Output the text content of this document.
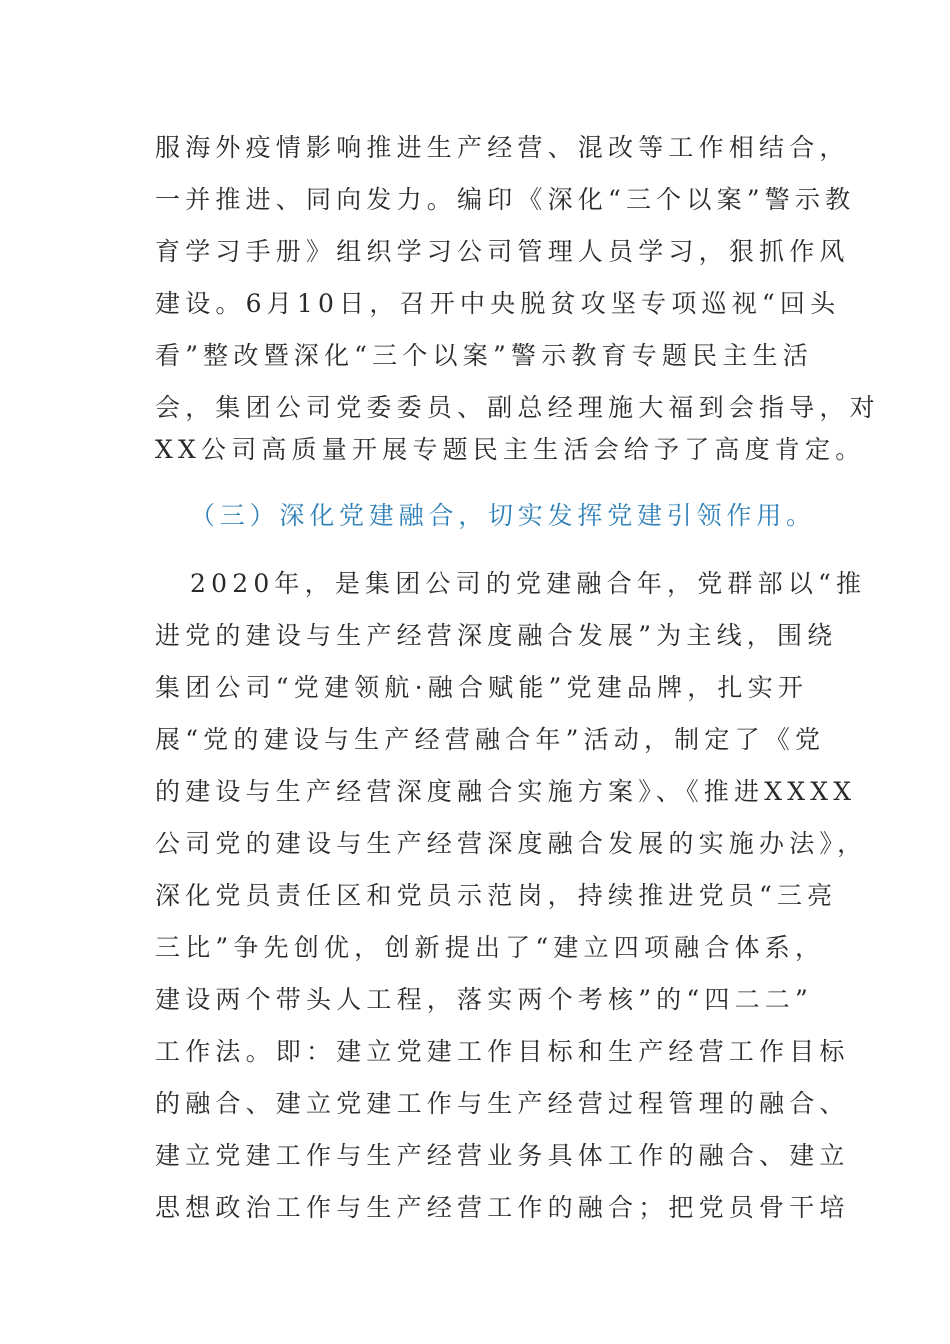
服海外疫情影响推进生产经营、混改等工作相结合，
一并推进、同向发力。编印《深化“三个以案”警示教
育学习手册》组织学习公司管理人员学习，狠抓作风
建设。6月10日，召开中央脱贫攻坚专项巡视“回头
看”整改暨深化“三个以案”警示教育专题民主生活
会，集团公司党委委员、副总经理施大福到会指导，对
XX公司高质量开展专题民主生活会给予了高度肯定。
（三）深化党建融合，切实发挥党建引领作用。
2020年，是集团公司的党建融合年，党群部以“推
进党的建设与生产经营深度融合发展”为主线，围绕
集团公司“党建领航·融合赋能”党建品牌，扎实开
展“党的建设与生产经营融合年”活动，制定了《党
的建设与生产经营深度融合实施方案》、《推进XXXX
公司党的建设与生产经营深度融合发展的实施办法》，
深化党员责任区和党员示范岗，持续推进党员“三亮
三比”争先创优，创新提出了“建立四项融合体系，
建设两个带头人工程，落实两个考核”的“四二二”
工作法。即：建立党建工作目标和生产经营工作目标
的融合、建立党建工作与生产经营过程管理的融合、
建立党建工作与生产经营业务具体工作的融合、建立
思想政治工作与生产经营工作的融合；把党员骨干培
